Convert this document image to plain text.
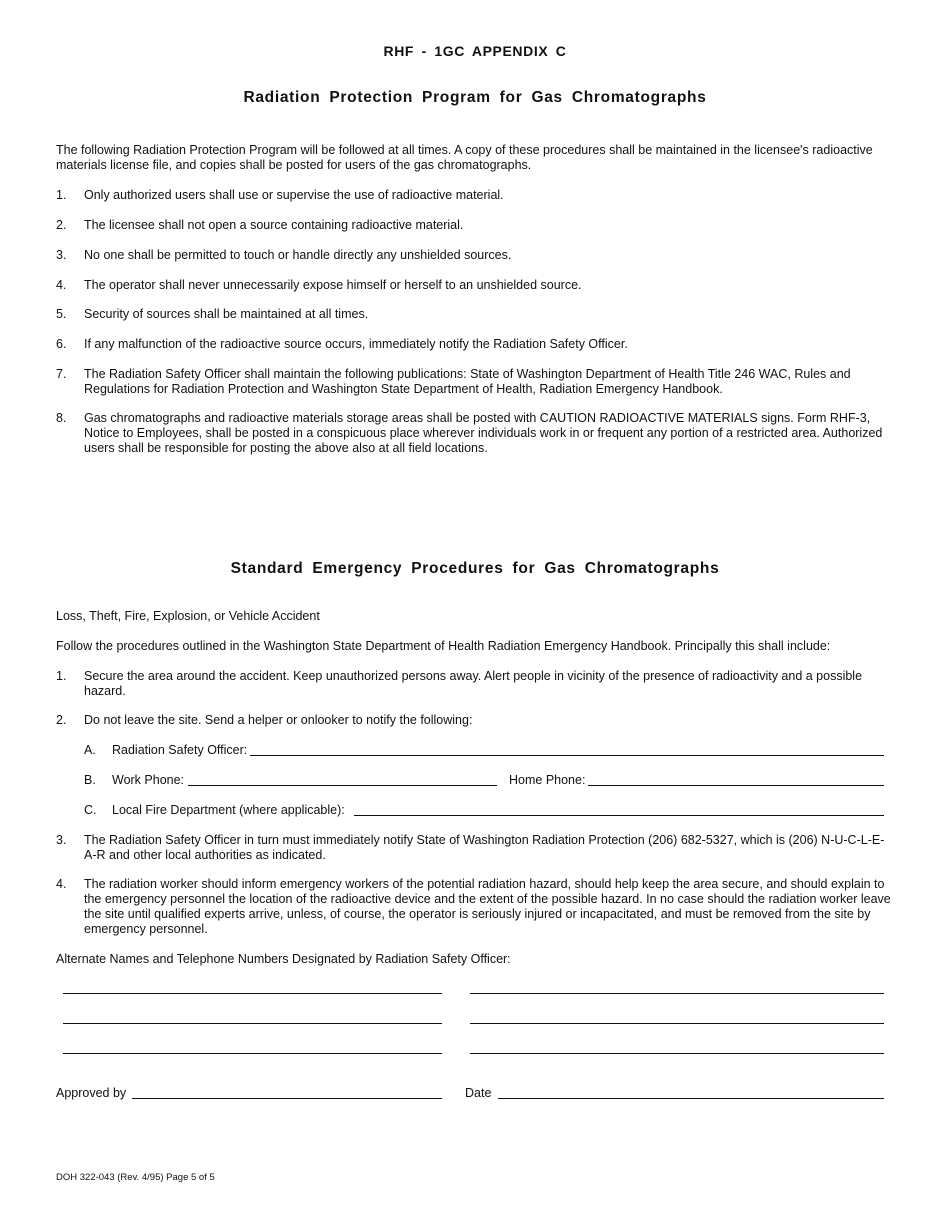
RHF - 1GC APPENDIX C
Radiation Protection Program for Gas Chromatographs
The following Radiation Protection Program will be followed at all times. A copy of these procedures shall be maintained in the licensee's radioactive materials license file, and copies shall be posted for users of the gas chromatographs.
1. Only authorized users shall use or supervise the use of radioactive material.
2. The licensee shall not open a source containing radioactive material.
3. No one shall be permitted to touch or handle directly any unshielded sources.
4. The operator shall never unnecessarily expose himself or herself to an unshielded source.
5. Security of sources shall be maintained at all times.
6. If any malfunction of the radioactive source occurs, immediately notify the Radiation Safety Officer.
7. The Radiation Safety Officer shall maintain the following publications: State of Washington Department of Health Title 246 WAC, Rules and Regulations for Radiation Protection and Washington State Department of Health, Radiation Emergency Handbook.
8. Gas chromatographs and radioactive materials storage areas shall be posted with CAUTION RADIOACTIVE MATERIALS signs. Form RHF-3, Notice to Employees, shall be posted in a conspicuous place wherever individuals work in or frequent any portion of a restricted area. Authorized users shall be responsible for posting the above also at all field locations.
Standard Emergency Procedures for Gas Chromatographs
Loss, Theft, Fire, Explosion, or Vehicle Accident
Follow the procedures outlined in the Washington State Department of Health Radiation Emergency Handbook. Principally this shall include:
1. Secure the area around the accident. Keep unauthorized persons away. Alert people in vicinity of the presence of radioactivity and a possible hazard.
2. Do not leave the site. Send a helper or onlooker to notify the following:
A. Radiation Safety Officer:
B. Work Phone:	Home Phone:
C. Local Fire Department (where applicable):
3. The Radiation Safety Officer in turn must immediately notify State of Washington Radiation Protection (206) 682-5327, which is (206) N-U-C-L-E-A-R and other local authorities as indicated.
4. The radiation worker should inform emergency workers of the potential radiation hazard, should help keep the area secure, and should explain to the emergency personnel the location of the radioactive device and the extent of the possible hazard. In no case should the radiation worker leave the site until qualified experts arrive, unless, of course, the operator is seriously injured or incapacitated, and must be removed from the site by emergency personnel.
Alternate Names and Telephone Numbers Designated by Radiation Safety Officer:
Approved by	Date
DOH 322-043 (Rev. 4/95) Page 5 of 5
